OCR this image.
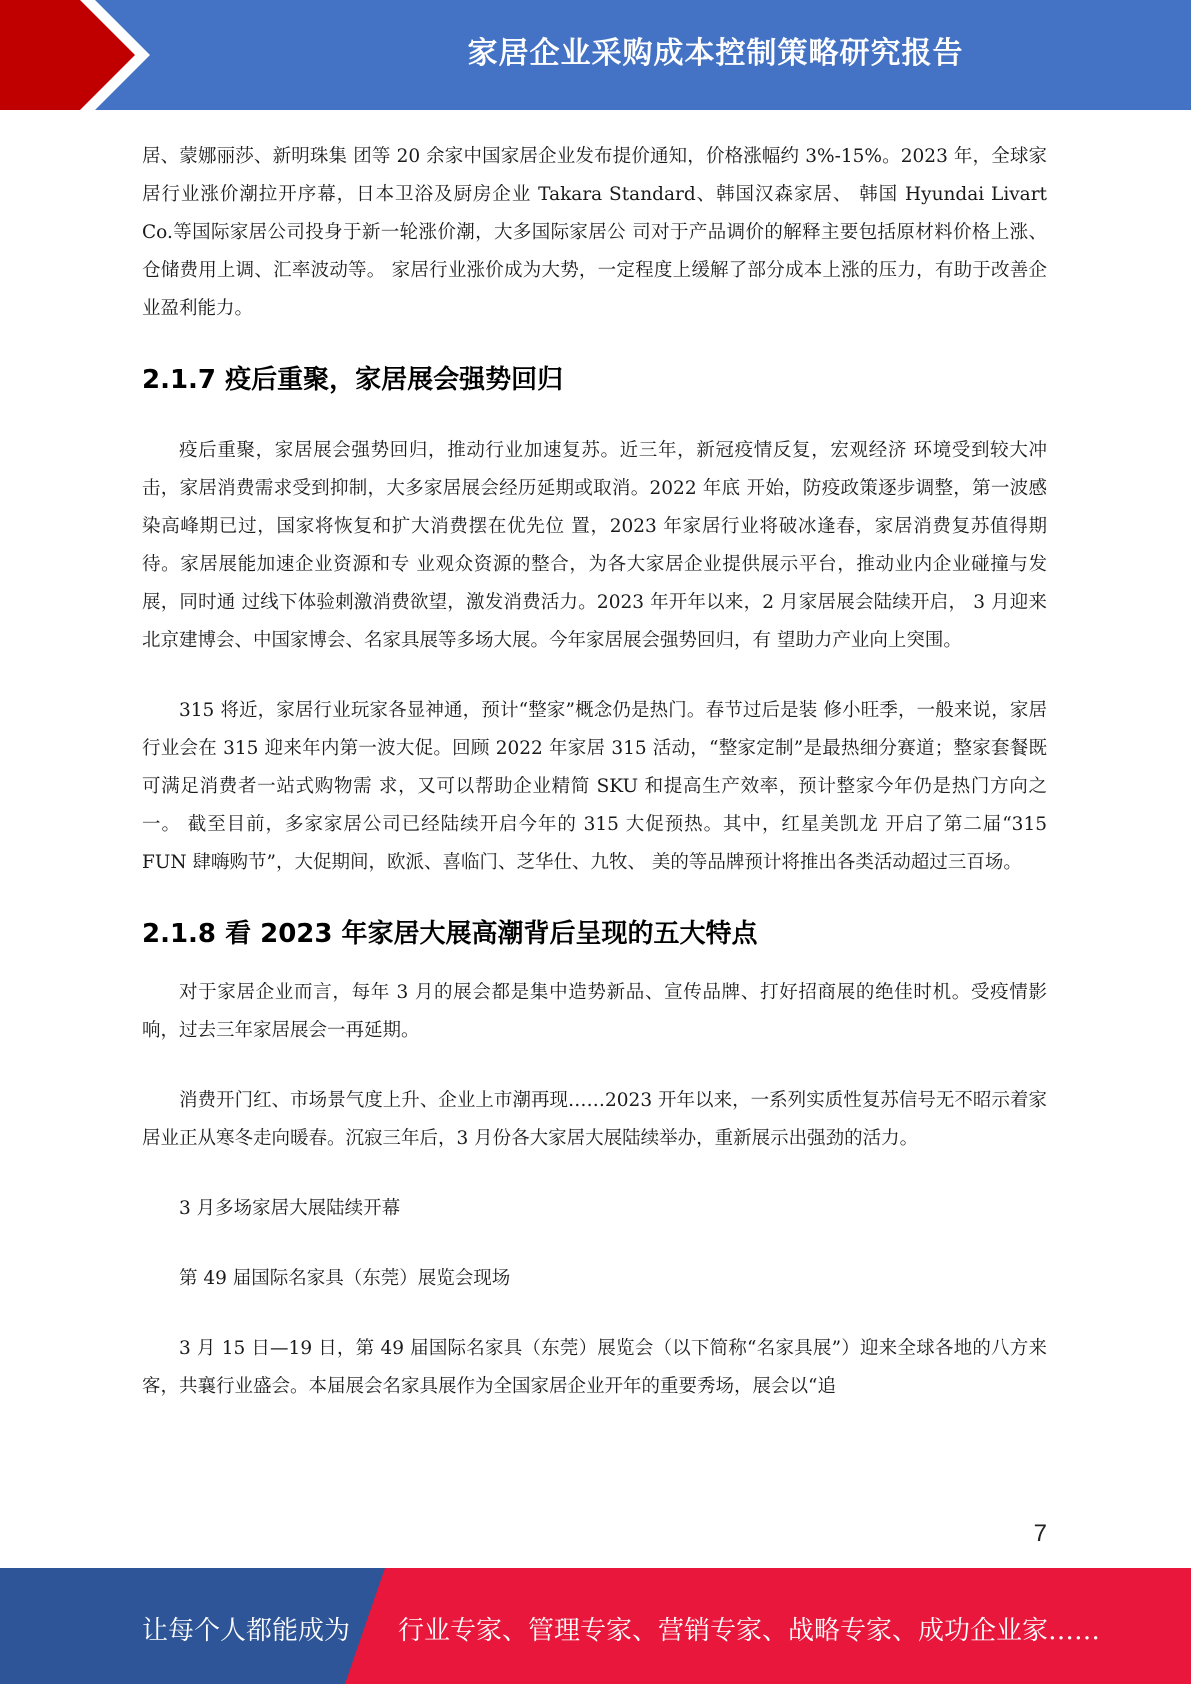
家居企业采购成本控制策略研究报告

居、蒙娜丽莎、新明珠集 团等 20 余家中国家居企业发布提价通知，价格涨幅约 3%-15%。2023 年，全球家 居行业涨价潮拉开序幕，日本卫浴及厨房企业 Takara Standard、韩国汉森家居、 韩国 Hyundai Livart Co.等国际家居公司投身于新一轮涨价潮，大多国际家居公 司对于产品调价的解释主要包括原材料价格上涨、仓储费用上调、汇率波动等。 家居行业涨价成为大势，一定程度上缓解了部分成本上涨的压力，有助于改善企 业盈利能力。

2.1.7 疫后重聚，家居展会强势回归

疫后重聚，家居展会强势回归，推动行业加速复苏。近三年，新冠疫情反复，宏观经济 环境受到较大冲击，家居消费需求受到抑制，大多家居展会经历延期或取消。2022 年底 开始，防疫政策逐步调整，第一波感染高峰期已过，国家将恢复和扩大消费摆在优先位 置，2023 年家居行业将破冰逢春，家居消费复苏值得期待。家居展能加速企业资源和专 业观众资源的整合，为各大家居企业提供展示平台，推动业内企业碰撞与发展，同时通 过线下体验刺激消费欲望，激发消费活力。2023 年开年以来，2 月家居展会陆续开启， 3 月迎来北京建博会、中国家博会、名家具展等多场大展。今年家居展会强势回归，有 望助力产业向上突围。

315 将近，家居行业玩家各显神通，预计“整家”概念仍是热门。春节过后是装 修小旺季，一般来说，家居行业会在 315 迎来年内第一波大促。回顾 2022 年家居 315 活动，“整家定制”是最热细分赛道；整家套餐既可满足消费者一站式购物需 求，又可以帮助企业精简 SKU 和提高生产效率，预计整家今年仍是热门方向之一。 截至目前，多家家居公司已经陆续开启今年的 315 大促预热。其中，红星美凯龙 开启了第二届“315 FUN 肆嗨购节”，大促期间，欧派、喜临门、芝华仕、九牧、 美的等品牌预计将推出各类活动超过三百场。

2.1.8 看 2023 年家居大展高潮背后呈现的五大特点

对于家居企业而言，每年 3 月的展会都是集中造势新品、宣传品牌、打好招商展的绝佳时机。受疫情影响，过去三年家居展会一再延期。

消费开门红、市场景气度上升、企业上市潮再现……2023 开年以来，一系列实质性复苏信号无不昭示着家居业正从寒冬走向暖春。沉寂三年后，3 月份各大家居大展陆续举办，重新展示出强劲的活力。

3 月多场家居大展陆续开幕

第 49 届国际名家具（东莞）展览会现场

3 月 15 日—19 日，第 49 届国际名家具（东莞）展览会（以下简称“名家具展”）迎来全球各地的八方来客，共襄行业盛会。本届展会名家具展作为全国家居企业开年的重要秀场，展会以“追

7
让每个人都能成为 行业专家、管理专家、营销专家、战略专家、成功企业家……
